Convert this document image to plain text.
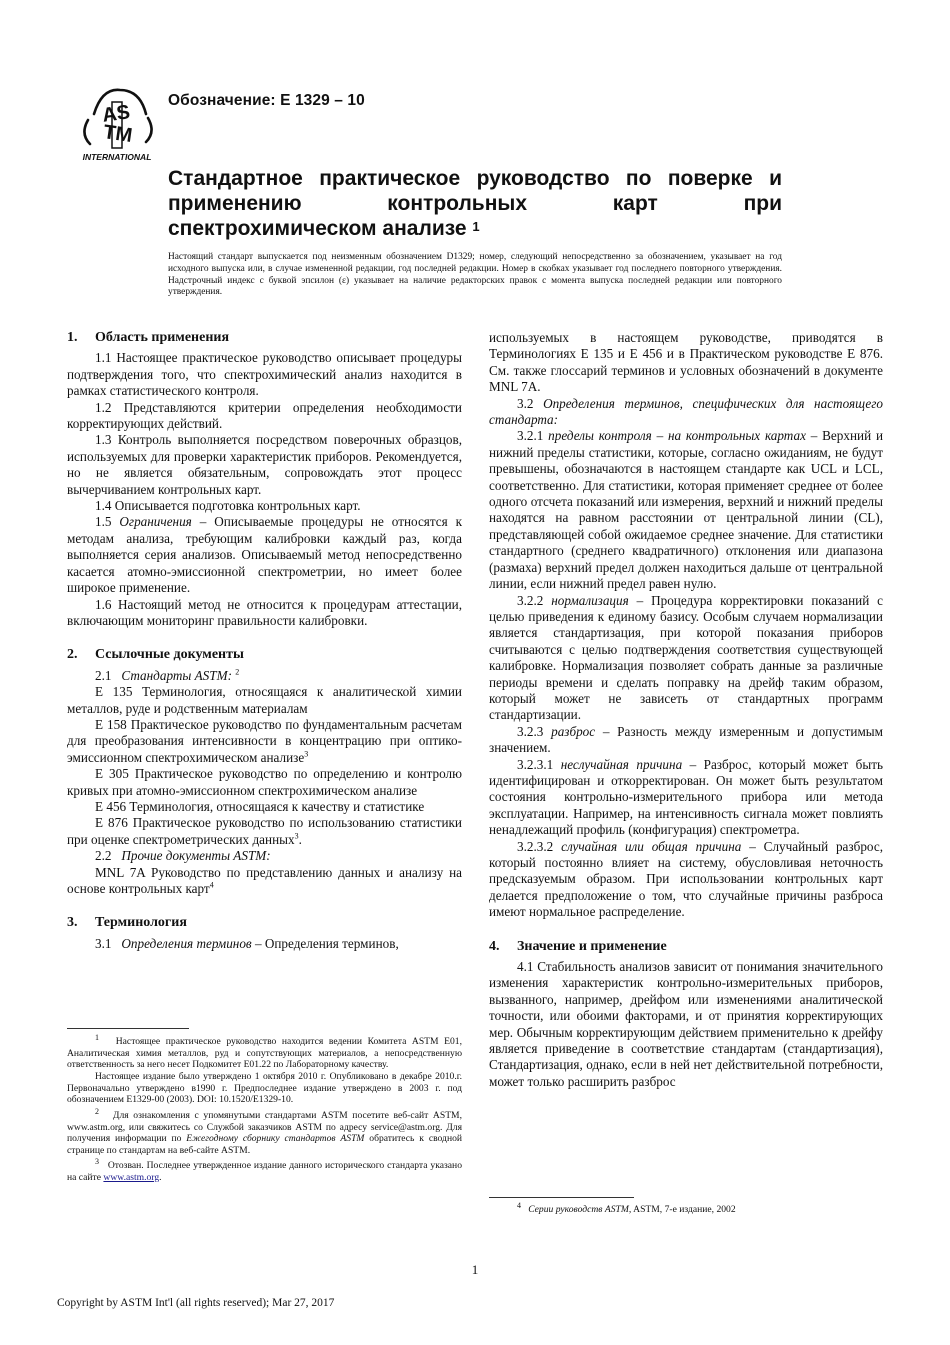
AS
TM
INTERNATIONAL
Обозначение: E 1329 – 10
Стандартное практическое руководство по поверке и
применению контрольных карт при
спектрохимическом анализе $^1$
Настоящий стандарт выпускается под неизменным обозначением D1329; номер, следующий непосредственно за обозначением, указывает на год исходного выпуска или, в случае измененной редакции, год последней редакции. Номер в скобках указывает год последнего повторного утверждения. Надстрочный индекс с буквой эпсилон (ε) указывает на наличие редакторских правок с момента выпуска последней редакции или повторного утверждения.

1. Область применения

1.1 Настоящее практическое руководство описывает процедуры подтверждения того, что спектрохимический анализ находится в рамках статистического контроля.

1.2 Представляются критерии определения необходимости корректирующих действий.

1.3 Контроль выполняется посредством поверочных образцов, используемых для проверки характеристик приборов. Рекомендуется, но не является обязательным, сопровождать этот процесс вычерчиванием контрольных карт.

1.4 Описывается подготовка контрольных карт.

1.5 Ограничения – Описываемые процедуры не относятся к методам анализа, требующим калибровки каждый раз, когда выполняется серия анализов. Описываемый метод непосредственно касается атомно-эмиссионной спектрометрии, но имеет более широкое применение.

1.6 Настоящий метод не относится к процедурам аттестации, включающим мониторинг правильности калибровки.

2. Ссылочные документы

2.1 Стандарты ASTM: $^2$

E 135 Терминология, относящаяся к аналитической химии металлов, руде и родственным материалам

E 158 Практическое руководство по фундаментальным расчетам для преобразования интенсивности в концентрацию при оптико-эмиссионном спектрохимическом анализе$^3$

E 305 Практическое руководство по определению и контролю кривых при атомно-эмиссионном спектрохимическом анализе

E 456 Терминология, относящаяся к качеству и статистике

E 876 Практическое руководство по использованию статистики при оценке спектрометрических данных$^3$.

2.2 Прочие документы ASTM:

MNL 7A Руководство по представлению данных и анализу на основе контрольных карт$^4$

3. Терминология

3.1 Определения терминов – Определения терминов,

$^1$ Настоящее практическое руководство находится ведении Комитета ASTM E01, Аналитическая химия металлов, руд и сопутствующих материалов, а непосредственную ответственность за него несет Подкомитет E01.22 по Лабораторному качеству.

Настоящее издание было утверждено 1 октября 2010 г. Опубликовано в декабре 2010.г. Первоначально утверждено в1990 г. Предпоследнее издание утверждено в 2003 г. под обозначением E1329-00 (2003). DOI: 10.1520/E1329-10.

$^2$ Для ознакомления с упомянутыми стандартами ASTM посетите веб-сайт ASTM, www.astm.org, или свяжитесь со Службой заказчиков ASTM по адресу service@astm.org. Для получения информации по Ежегодному сборнику стандартов ASTM обратитесь к сводной странице по стандартам на веб-сайте ASTM.

$^3$ Отозван. Последнее утвержденное издание данного исторического стандарта указано на сайте www.astm.org.

используемых в настоящем руководстве, приводятся в Терминологиях E 135 и E 456 и в Практическом руководстве E 876. См. также глоссарий терминов и условных обозначений в документе MNL 7A.

3.2 Определения терминов, специфических для настоящего стандарта:

3.2.1 пределы контроля – на контрольных картах – Верхний и нижний пределы статистики, которые, согласно ожиданиям, не будут превышены, обозначаются в настоящем стандарте как UCL и LCL, соответственно. Для статистики, которая применяет среднее от более одного отсчета показаний или измерения, верхний и нижний пределы находятся на равном расстоянии от центральной линии (CL), представляющей собой ожидаемое среднее значение. Для статистики стандартного (среднего квадратичного) отклонения или диапазона (размаха) верхний предел должен находиться дальше от центральной линии, если нижний предел равен нулю.

3.2.2 нормализация – Процедура корректировки показаний с целью приведения к единому базису. Особым случаем нормализации является стандартизация, при которой показания приборов считываются с целью подтверждения соответствия существующей калибровке. Нормализация позволяет собрать данные за различные периоды времени и сделать поправку на дрейф таким образом, который может не зависеть от стандартных программ стандартизации.

3.2.3 разброс – Разность между измеренным и допустимым значением.

3.2.3.1 неслучайная причина – Разброс, который может быть идентифицирован и откорректирован. Он может быть результатом состояния контрольно-измерительного прибора или метода эксплуатации. Например, на интенсивность сигнала может повлиять ненадлежащий профиль (конфигурация) спектрометра.

3.2.3.2 случайная или общая причина – Случайный разброс, который постоянно влияет на систему, обусловливая неточность предсказуемым образом. При использовании контрольных карт делается предположение о том, что случайные причины разброса имеют нормальное распределение.

4. Значение и применение

4.1 Стабильность анализов зависит от понимания значительного изменения характеристик контрольно-измерительных приборов, вызванного, например, дрейфом или изменениями аналитической точности, или обоими факторами, и от принятия корректирующих мер. Обычным корректирующим действием применительно к дрейфу является приведение в соответствие стандартам (стандартизация), Стандартизация, однако, если в ней нет действительной потребности, может только расширить разброс

$^4$ Серии руководств ASTM, ASTM, 7-е издание, 2002

1
Copyright by ASTM Int'l (all rights reserved); Mar 27, 2017
